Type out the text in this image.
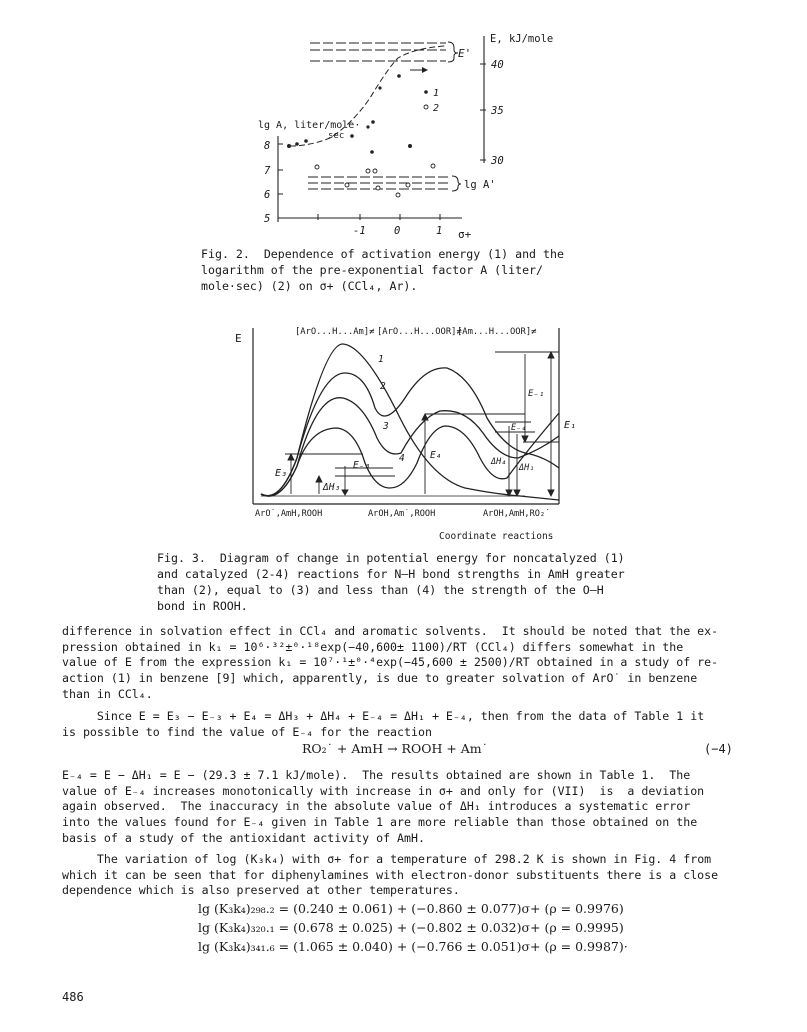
E, kJ/mole
40
35
30
lg A, liter/mole·
sec
8
7
6
5
-1	0	1 σ+
E'
lg A'
1
2
Fig. 2.  Dependence of activation energy (1) and the
logarithm of the pre-exponential factor A (liter/
mole·sec) (2) on σ+ (CCl₄, Ar).
E	[ArO...H...Am]≠ [ArO...H...OOR]≠
[Am...H...OOR]≠
1
2
3
4
E₃
E₋₃
ΔH₃
E₄
E₋₄
ΔH₄
ΔH₁
E₋₁
E₁
ArO˙,AmH,ROOH	ArOH,Am˙,ROOH	ArOH,AmH,RO₂˙
Coordinate reactions
Fig. 3.  Diagram of change in potential energy for noncatalyzed (1)
and catalyzed (2-4) reactions for N–H bond strengths in AmH greater
than (2), equal to (3) and less than (4) the strength of the O–H
bond in ROOH.
difference in solvation effect in CCl₄ and aromatic solvents.  It should be noted that the ex-
pression obtained in k₁ = 10⁶·³²±⁰·¹⁸exp(−40,600± 1100)/RT (CCl₄) differs somewhat in the
value of E from the expression k₁ = 10⁷·¹±⁰·⁴exp(−45,600 ± 2500)/RT obtained in a study of re-
action (1) in benzene [9] which, apparently, is due to greater solvation of ArO˙ in benzene
than in CCl₄.
Since E = E₃ − E₋₃ + E₄ = ΔH₃ + ΔH₄ + E₋₄ = ΔH₁ + E₋₄, then from the data of Table 1 it
is possible to find the value of E₋₄ for the reaction
RO₂˙ + AmH → ROOH + Am˙	(−4)
E₋₄ = E − ΔH₁ = E − (29.3 ± 7.1 kJ/mole).  The results obtained are shown in Table 1.  The
value of E₋₄ increases monotonically with increase in σ+ and only for (VII)  is  a deviation
again observed.  The inaccuracy in the absolute value of ΔH₁ introduces a systematic error
into the values found for E₋₄ given in Table 1 are more reliable than those obtained on the
basis of a study of the antioxidant activity of AmH.
The variation of log (K₃k₄) with σ+ for a temperature of 298.2 K is shown in Fig. 4 from
which it can be seen that for diphenylamines with electron-donor substituents there is a close
dependence which is also preserved at other temperatures.
lg (K₃k₄)₂₉₈.₂ = (0.240 ± 0.061) + (−0.860 ± 0.077)σ+ (ρ = 0.9976)
lg (K₃k₄)₃₂₀.₁ = (0.678 ± 0.025) + (−0.802 ± 0.032)σ+ (ρ = 0.9995)
lg (K₃k₄)₃₄₁.₆ = (1.065 ± 0.040) + (−0.766 ± 0.051)σ+ (ρ = 0.9987)·
486
